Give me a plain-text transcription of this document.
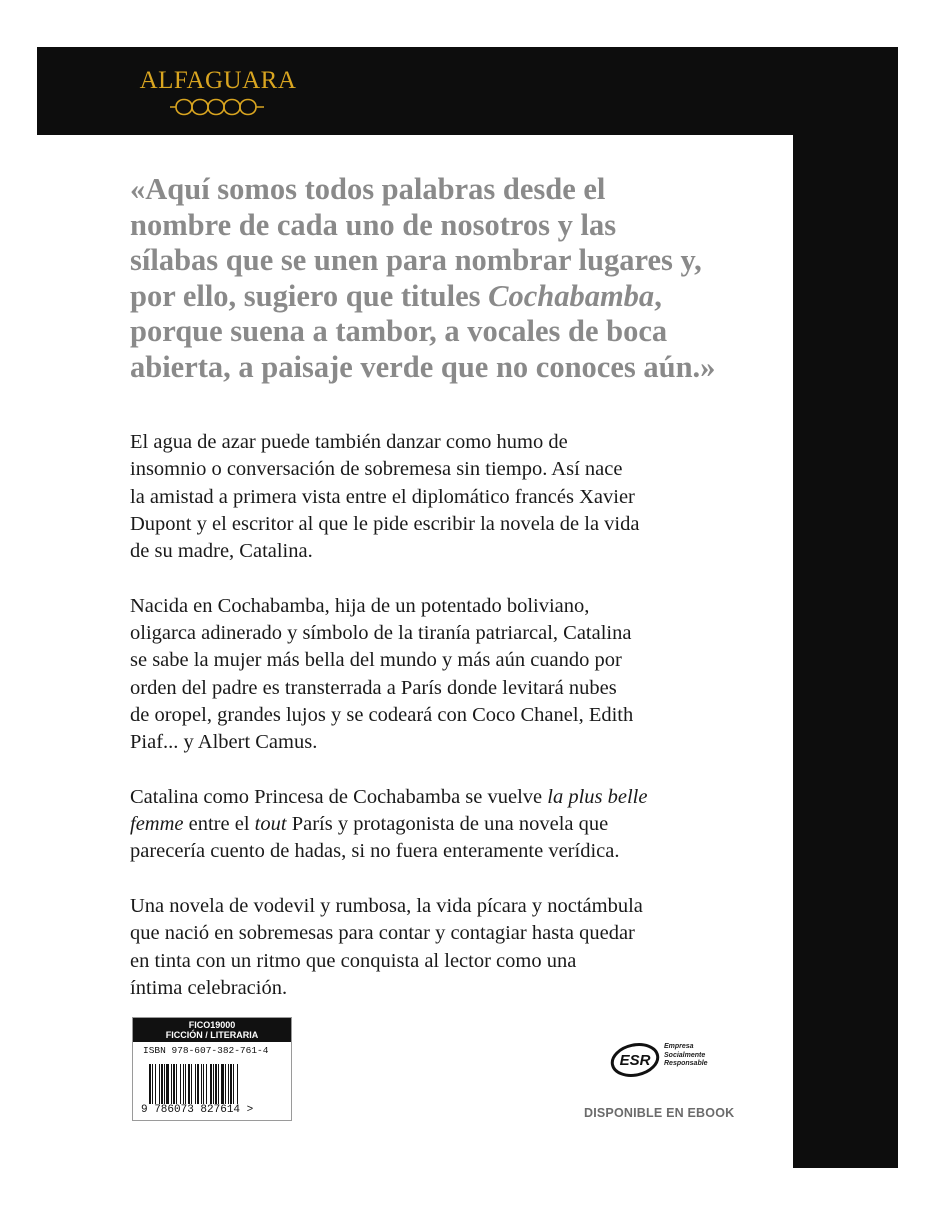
ALFAGUARA

«Aquí somos todos palabras desde el

nombre de cada uno de nosotros y las

sílabas que se unen para nombrar lugares y,

por ello, sugiero que titules Cochabamba,

porque suena a tambor, a vocales de boca

abierta, a paisaje verde que no conoces aún.»

El agua de azar puede también danzar como humo de
insomnio o conversación de sobremesa sin tiempo. Así nace
la amistad a primera vista entre el diplomático francés Xavier
Dupont y el escritor al que le pide escribir la novela de la vida
de su madre, Catalina.
Nacida en Cochabamba, hija de un potentado boliviano,
oligarca adinerado y símbolo de la tiranía patriarcal, Catalina
se sabe la mujer más bella del mundo y más aún cuando por
orden del padre es transterrada a París donde levitará nubes
de oropel, grandes lujos y se codeará con Coco Chanel, Edith
Piaf... y Albert Camus.
Catalina como Princesa de Cochabamba se vuelve la plus belle
femme entre el tout París y protagonista de una novela que
parecería cuento de hadas, si no fuera enteramente verídica.
Una novela de vodevil y rumbosa, la vida pícara y noctámbula
que nació en sobremesas para contar y contagiar hasta quedar
en tinta con un ritmo que conquista al lector como una
íntima celebración.
FICO19000
FICCIÓN / LITERARIA
ISBN 978-607-382-761-4
9 786073 827614 >
ESR
Empresa
Socialmente
Responsable
DISPONIBLE EN EBOOK
